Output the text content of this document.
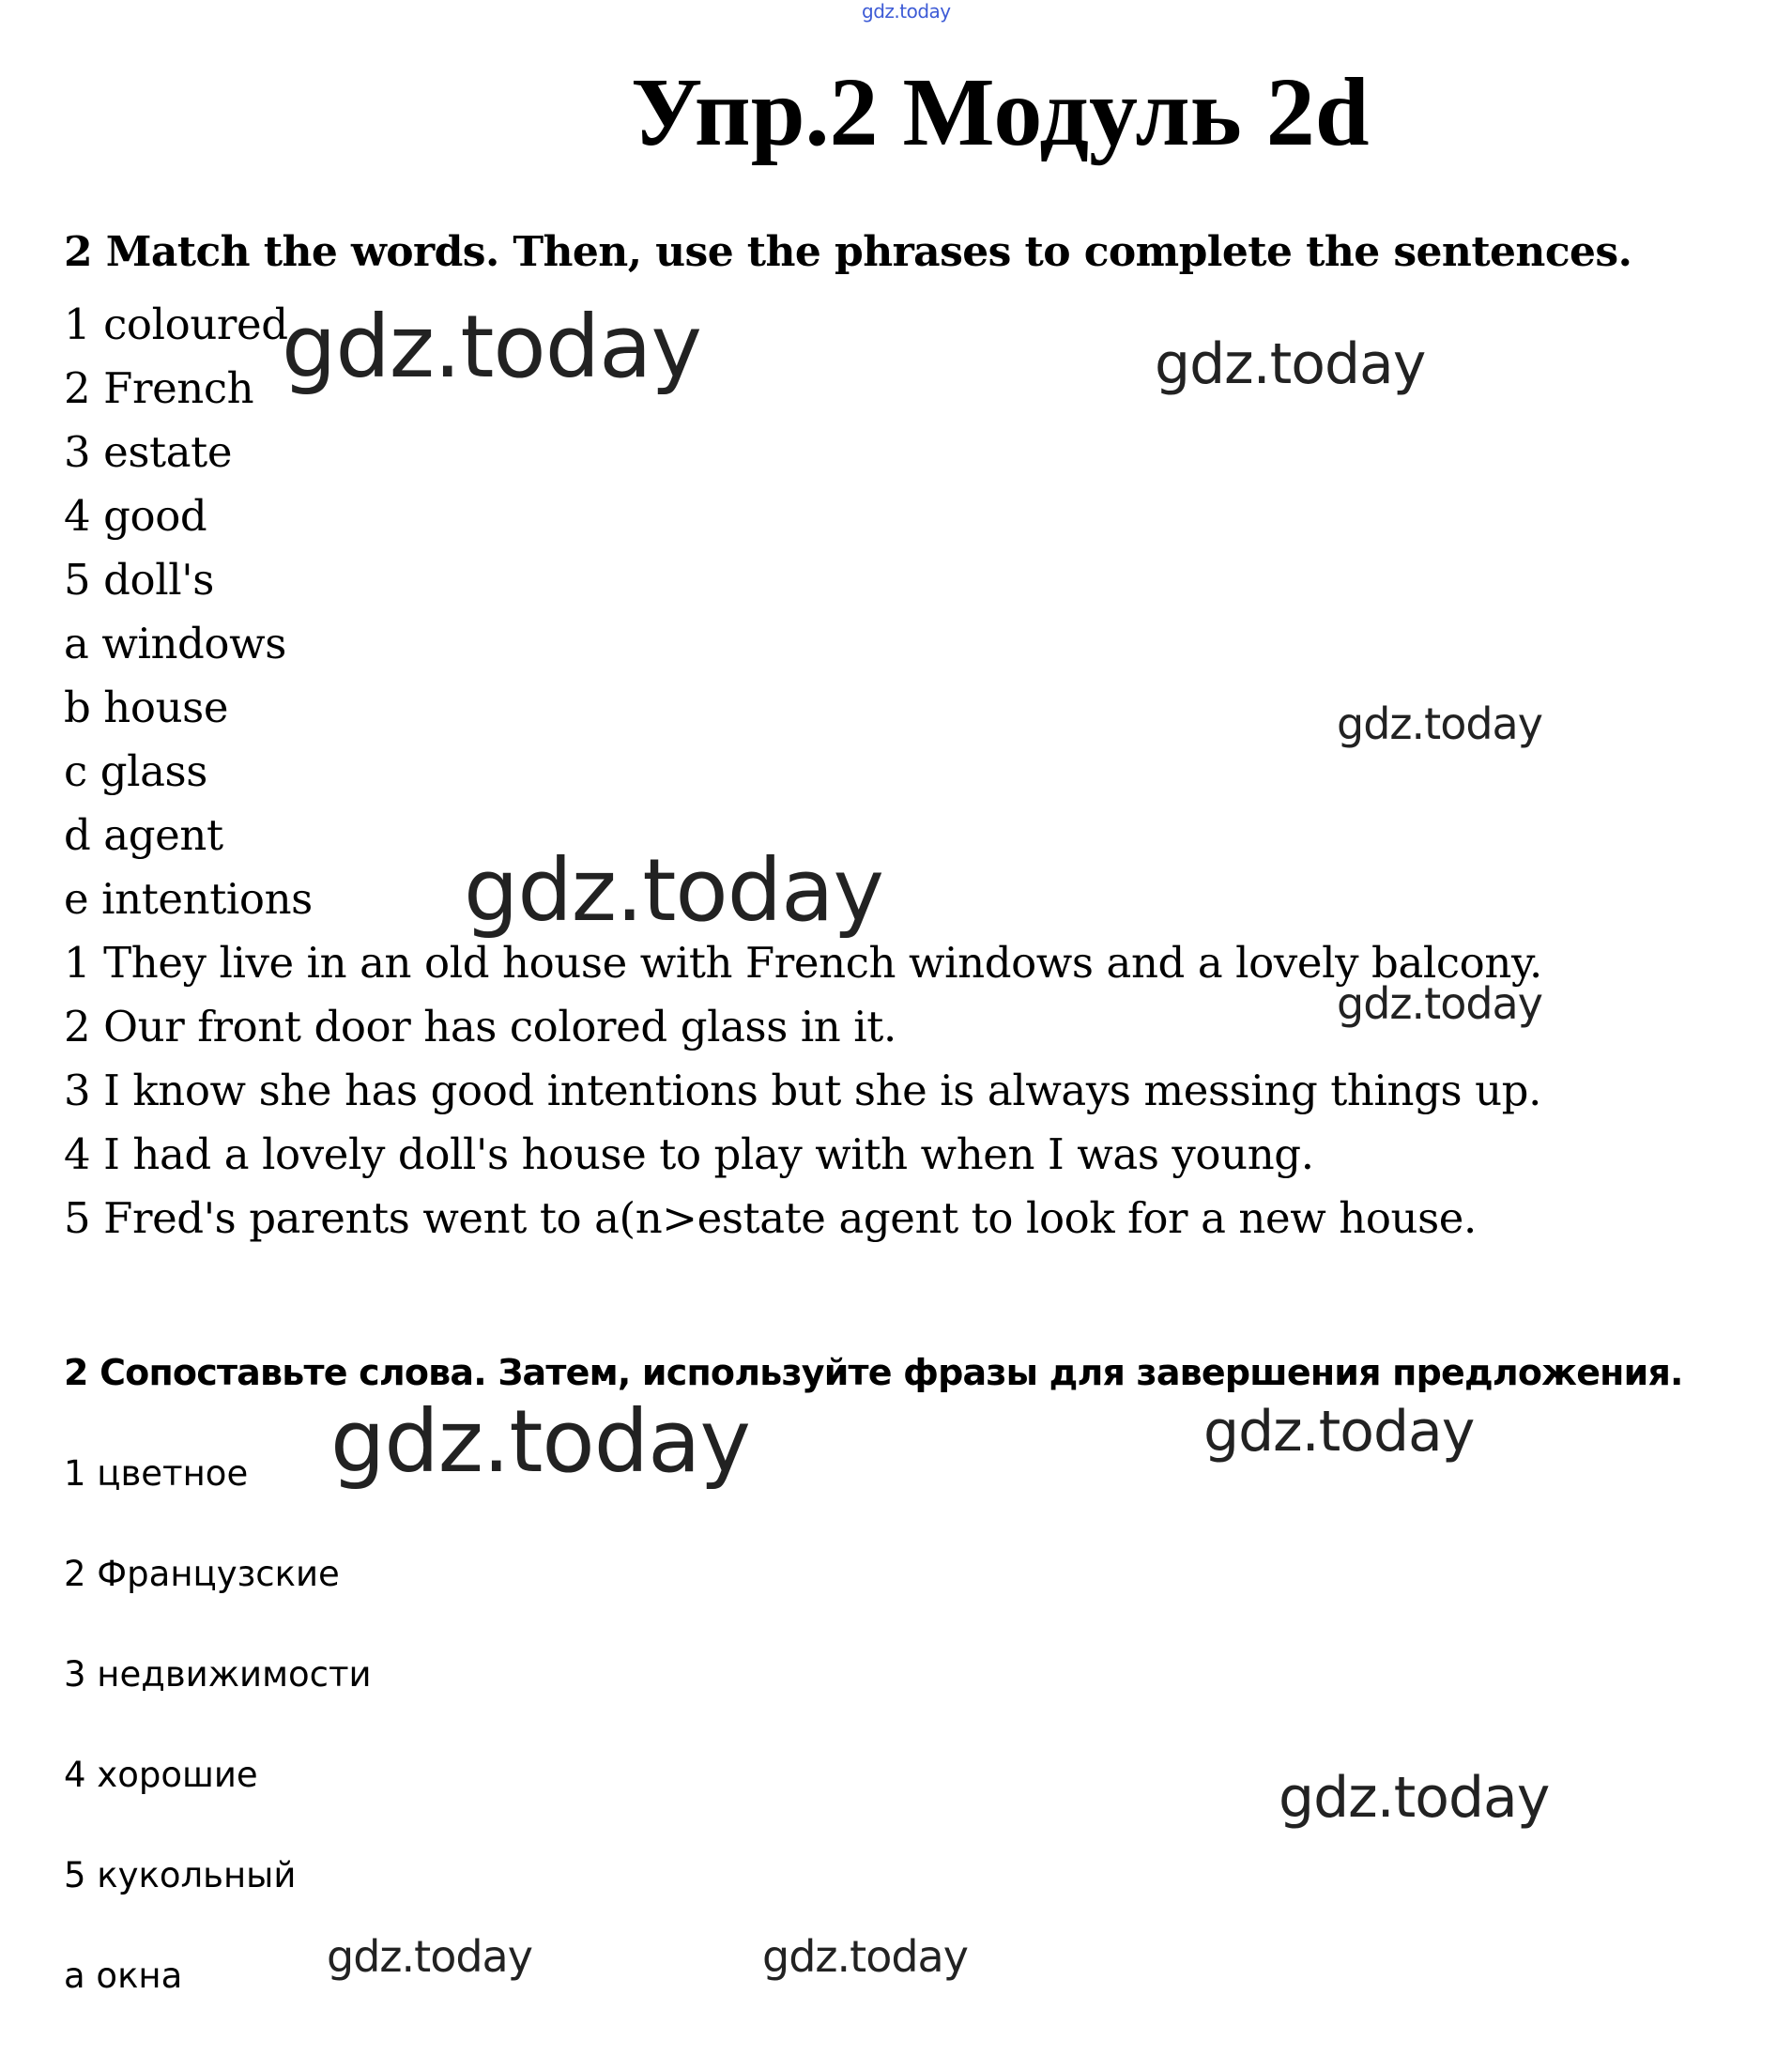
gdz.today
Упр.2 Модуль 2d
2 Match the words. Then, use the phrases to complete the sentences.
1 coloured
2 French
3 estate
4 good
5 doll's
a windows
b house
c glass
d agent
e intentions
1 They live in an old house with French windows and a lovely balcony.
2 Our front door has colored glass in it.
3 I know she has good intentions but she is always messing things up.
4 I had a lovely doll's house to play with when I was young.
5 Fred's parents went to a(n>estate agent to look for a new house.
2 Сопоставьте слова. Затем, используйте фразы для завершения предложения.
1 цветное
2 Французские
3 недвижимости
4 хорошие
5 кукольный
а окна
gdz.today	gdz.today
gdz.today
gdz.today
gdz.today
gdz.today	gdz.today
gdz.today
gdz.today	gdz.today
